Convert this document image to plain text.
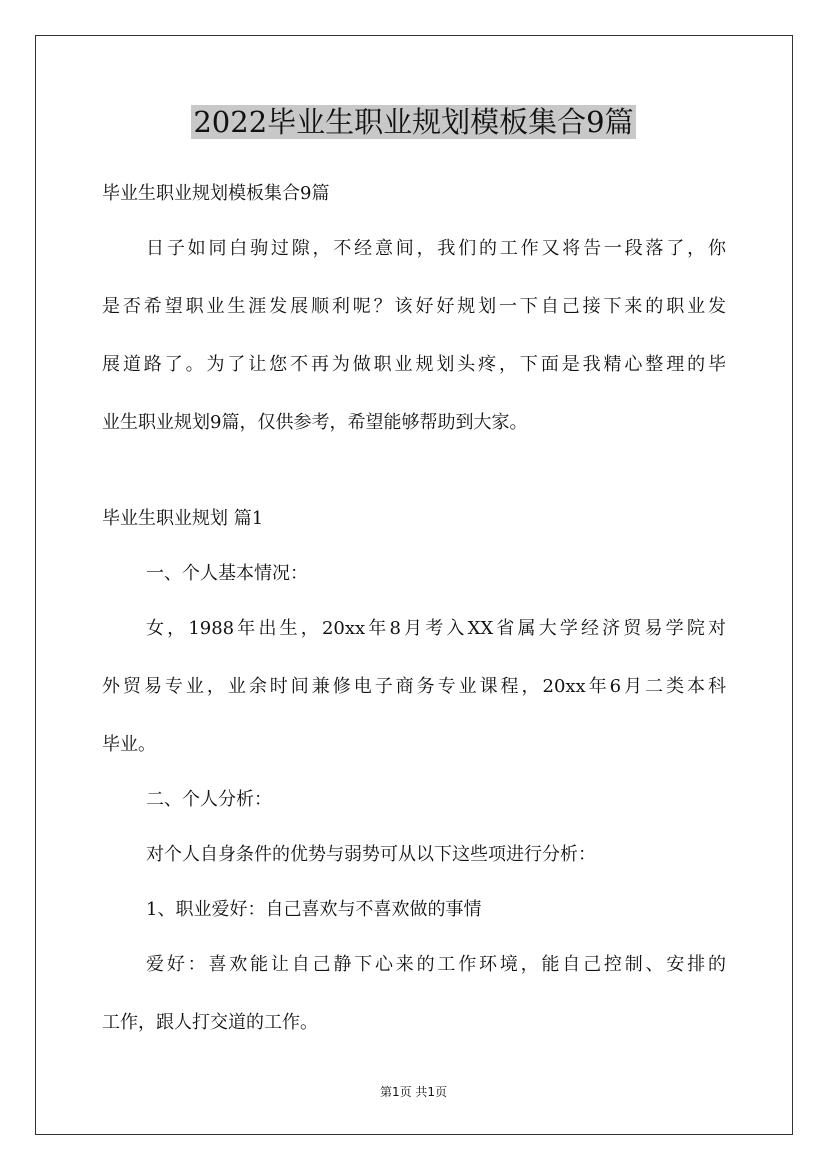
2022毕业生职业规划模板集合9篇
毕业生职业规划模板集合9篇
日子如同白驹过隙，不经意间，我们的工作又将告一段落了，你
是否希望职业生涯发展顺利呢？该好好规划一下自己接下来的职业发
展道路了。为了让您不再为做职业规划头疼，下面是我精心整理的毕
业生职业规划9篇，仅供参考，希望能够帮助到大家。
毕业生职业规划 篇1
一、个人基本情况：
女，1988年出生，20xx年8月考入XX省属大学经济贸易学院对
外贸易专业，业余时间兼修电子商务专业课程，20xx年6月二类本科
毕业。
二、个人分析：
对个人自身条件的优势与弱势可从以下这些项进行分析：
1、职业爱好：自己喜欢与不喜欢做的事情
爱好：喜欢能让自己静下心来的工作环境，能自己控制、安排的
工作，跟人打交道的工作。
第1页 共1页
